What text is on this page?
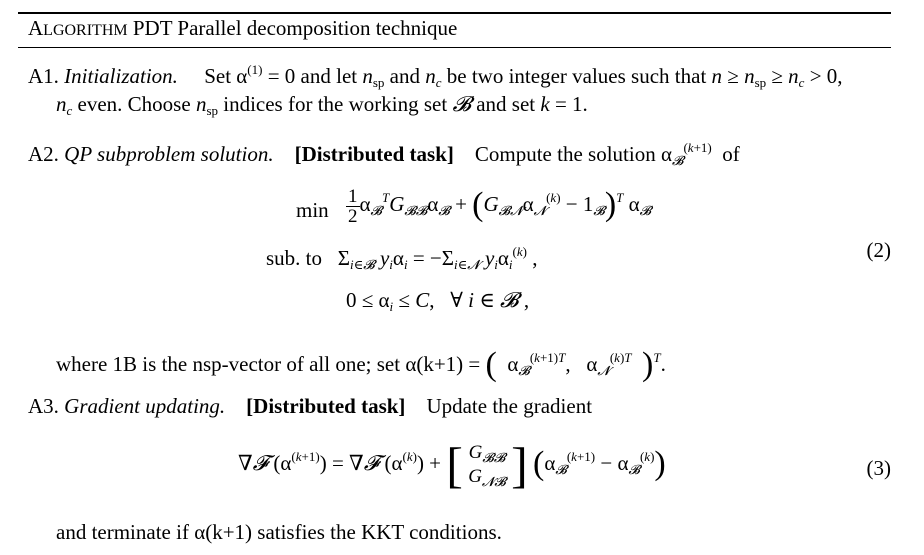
ALGORITHM PDT Parallel decomposition technique
A1. Initialization.     Set $\alpha^{(1)} = 0$ and let $n_{sp}$ and $n_c$ be two integer values such that $n \ge n_{sp} \ge n_c > 0$,
$n_c$ even. Choose $n_{sp}$ indices for the working set 𝓑 and set k = 1.
A2. QP subproblem solution. [Distributed task] Compute the solution $\alpha_𝓑^{(k+1)}$  of
$\min \frac{1}{2} \alpha_𝓑^TG_{𝓑𝓑}\alpha_𝓑 + (G_{𝓑𝓝}\alpha_𝓝^{(k)} - 1_𝓑)^T$ $\alpha_𝓑$
sub. to   $\Sigma_{i\in 𝓑}$ $y_i\alpha_i = -\Sigma_{i\in 𝓝}$ $y_i\alpha_i^{(k)}$ ,	(2)
$0 \le \alpha_i \le C$,   ∀ i ∈ 𝓑 ,
where 1B is the nsp-vector of all one; set α(k+1) = (  $\alpha_𝓑^{(k+1)T}$,   $\alpha_𝓝^{(k)T}$ )$^T$.
A3. Gradient updating. [Distributed task] Update the gradient
∇𝓕 $(\alpha^{(k+1)})$ = ∇𝓕 $(\alpha^{(k)})$ + [ $G_{𝓑𝓑}$
$G_{𝓝𝓑}$ ] $(\alpha_𝓑^{(k+1)} - \alpha_𝓑^{(k)})$	(3)
and terminate if α(k+1) satisfies the KKT conditions.
